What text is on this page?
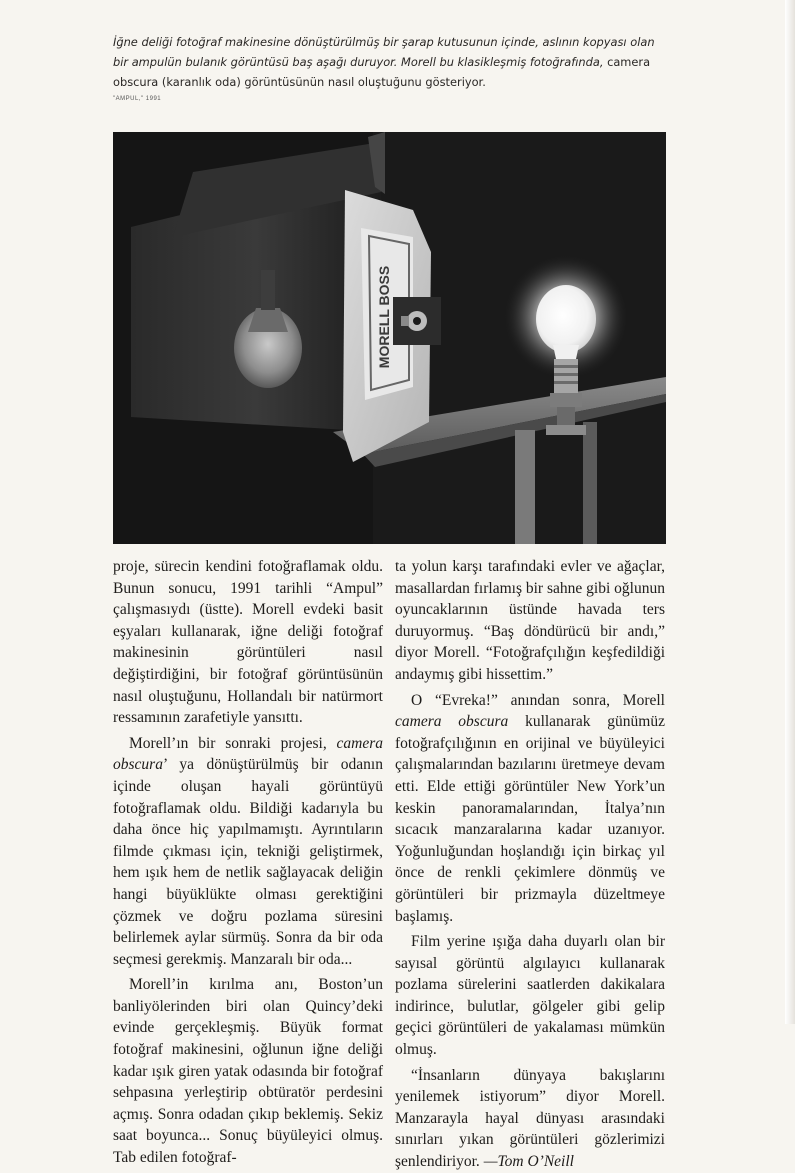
İğne deliği fotoğraf makinesine dönüştürülmüş bir şarap kutusunun içinde, aslının kopyası olan bir ampulün bulanık görüntüsü baş aşağı duruyor. Morell bu klasikleşmiş fotoğrafında, camera obscura (karanlık oda) görüntüsünün nasıl oluştuğunu gösteriyor.
"AMPUL," 1991
MORELL BOSS

proje, sürecin kendini fotoğraflamak oldu. Bunun sonucu, 1991 tarihli “Ampul” çalışmasıydı (üstte). Morell evdeki basit eşyaları kullanarak, iğne deliği fotoğraf makinesinin görüntüleri nasıl değiştirdiğini, bir fotoğraf görüntüsünün nasıl oluştuğunu, Hollandalı bir natürmort ressamının zarafetiyle yansıttı.

Morell’ın bir sonraki projesi, camera obscura’ ya dönüştürülmüş bir odanın içinde oluşan hayali görüntüyü fotoğraflamak oldu. Bildiği kadarıyla bu daha önce hiç yapılmamıştı. Ayrıntıların filmde çıkması için, tekniği geliştirmek, hem ışık hem de netlik sağlayacak deliğin hangi büyüklükte olması gerektiğini çözmek ve doğru pozlama süresini belirlemek aylar sürmüş. Sonra da bir oda seçmesi gerekmiş. Manzaralı bir oda...

Morell’in kırılma anı, Boston’un banliyölerinden biri olan Quincy’deki evinde gerçekleşmiş. Büyük format fotoğraf makinesini, oğlunun iğne deliği kadar ışık giren yatak odasında bir fotoğraf sehpasına yerleştirip obtüratör perdesini açmış. Sonra odadan çıkıp beklemiş. Sekiz saat boyunca... Sonuç büyüleyici olmuş. Tab edilen fotoğraf-

ta yolun karşı tarafındaki evler ve ağaçlar, masallardan fırlamış bir sahne gibi oğlunun oyuncaklarının üstünde havada ters duruyormuş. “Baş döndürücü bir andı,” diyor Morell. “Fotoğrafçılığın keşfedildiği andaymış gibi hissettim.”

O “Evreka!” anından sonra, Morell camera obscura kullanarak günümüz fotoğrafçılığının en orijinal ve büyüleyici çalışmalarından bazılarını üretmeye devam etti. Elde ettiği görüntüler New York’un keskin panoramalarından, İtalya’nın sıcacık manzaralarına kadar uzanıyor. Yoğunluğundan hoşlandığı için birkaç yıl önce de renkli çekimlere dönmüş ve görüntüleri bir prizmayla düzeltmeye başlamış.

Film yerine ışığa daha duyarlı olan bir sayısal görüntü algılayıcı kullanarak pozlama sürelerini saatlerden dakikalara indirince, bulutlar, gölgeler gibi gelip geçici görüntüleri de yakalaması mümkün olmuş.

“İnsanların dünyaya bakışlarını yenilemek istiyorum” diyor Morell. Manzarayla hayal dünyası arasındaki sınırları yıkan görüntüleri gözlerimizi şenlendiriyor. —Tom O’Neill
